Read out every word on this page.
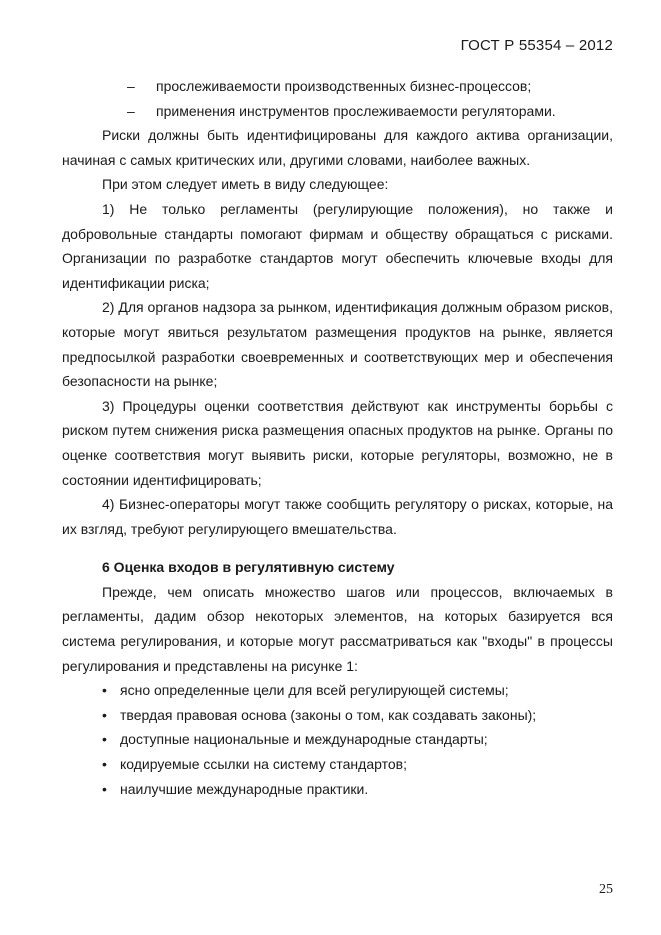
ГОСТ Р 55354 – 2012
– прослеживаемости производственных бизнес-процессов;
– применения инструментов прослеживаемости регуляторами.

Риски должны быть идентифицированы для каждого актива организации, начиная с самых критических или, другими словами, наиболее важных.

При этом следует иметь в виду следующее:

1) Не только регламенты (регулирующие положения), но также и добровольные стандарты помогают фирмам и обществу обращаться с рисками. Организации по разработке стандартов могут обеспечить ключевые входы для идентификации риска;

2) Для органов надзора за рынком, идентификация должным образом рисков, которые могут явиться результатом размещения продуктов на рынке, является предпосылкой разработки своевременных и соответствующих мер и обеспечения безопасности на рынке;

3) Процедуры оценки соответствия действуют как инструменты борьбы с риском путем снижения риска размещения опасных продуктов на рынке. Органы по оценке соответствия могут выявить риски, которые регуляторы, возможно, не в состоянии идентифицировать;

4) Бизнес-операторы могут также сообщить регулятору о рисках, которые, на их взгляд, требуют регулирующего вмешательства.

6 Оценка входов в регулятивную систему

Прежде, чем описать множество шагов или процессов, включаемых в регламенты, дадим обзор некоторых элементов, на которых базируется вся система регулирования, и которые могут рассматриваться как "входы" в процессы регулирования и представлены на рисунке 1:

• ясно определенные цели для всей регулирующей системы;
• твердая правовая основа (законы о том, как создавать законы);
• доступные национальные и международные стандарты;
• кодируемые ссылки на систему стандартов;
• наилучшие международные практики.
25
